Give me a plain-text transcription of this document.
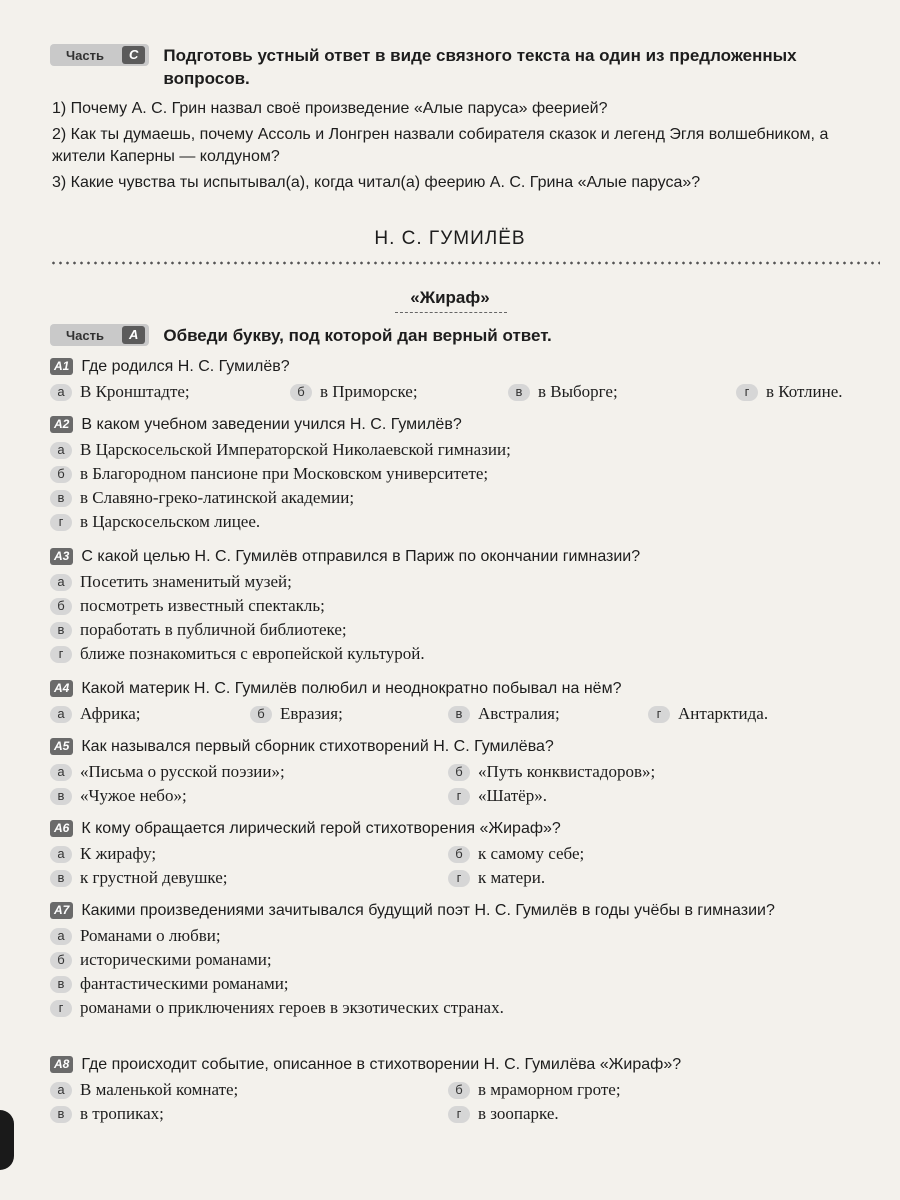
Часть	С	Подготовь устный ответ в виде связного текста на один из предложенных вопросов.
1) Почему А. С. Грин назвал своё произведение «Алые паруса» феерией?
2) Как ты думаешь, почему Ассоль и Лонгрен назвали собирателя сказок и легенд Эгля волшебником, а жители Каперны — колдуном?
3) Какие чувства ты испытывал(а), когда читал(а) феерию А. С. Грина «Алые паруса»?
Н. С. ГУМИЛЁВ
«Жираф»
Часть	А	Обведи букву, под которой дан верный ответ.
А1 Где родился Н. С. Гумилёв?
а В Кронштадте;	б в Приморске;	в в Выборге;	г в Котлине.
А2 В каком учебном заведении учился Н. С. Гумилёв?
а В Царскосельской Императорской Николаевской гимназии;
б в Благородном пансионе при Московском университете;
в в Славяно-греко-латинской академии;
г в Царскосельском лицее.
А3 С какой целью Н. С. Гумилёв отправился в Париж по окончании гимназии?
а Посетить знаменитый музей;
б посмотреть известный спектакль;
в поработать в публичной библиотеке;
г ближе познакомиться с европейской культурой.
А4 Какой материк Н. С. Гумилёв полюбил и неоднократно побывал на нём?
а Африка;	б Евразия;	в Австралия;	г Антарктида.
А5 Как назывался первый сборник стихотворений Н. С. Гумилёва?
а «Письма о русской поэзии»;	б «Путь конквистадоров»;
в «Чужое небо»;	г «Шатёр».
А6 К кому обращается лирический герой стихотворения «Жираф»?
а К жирафу;	б к самому себе;
в к грустной девушке;	г к матери.
А7 Какими произведениями зачитывался будущий поэт Н. С. Гумилёв в годы учёбы в гимназии?
а Романами о любви;
б историческими романами;
в фантастическими романами;
г романами о приключениях героев в экзотических странах.
А8 Где происходит событие, описанное в стихотворении Н. С. Гумилёва «Жираф»?
а В маленькой комнате;	б в мраморном гроте;
в в тропиках;	г в зоопарке.
